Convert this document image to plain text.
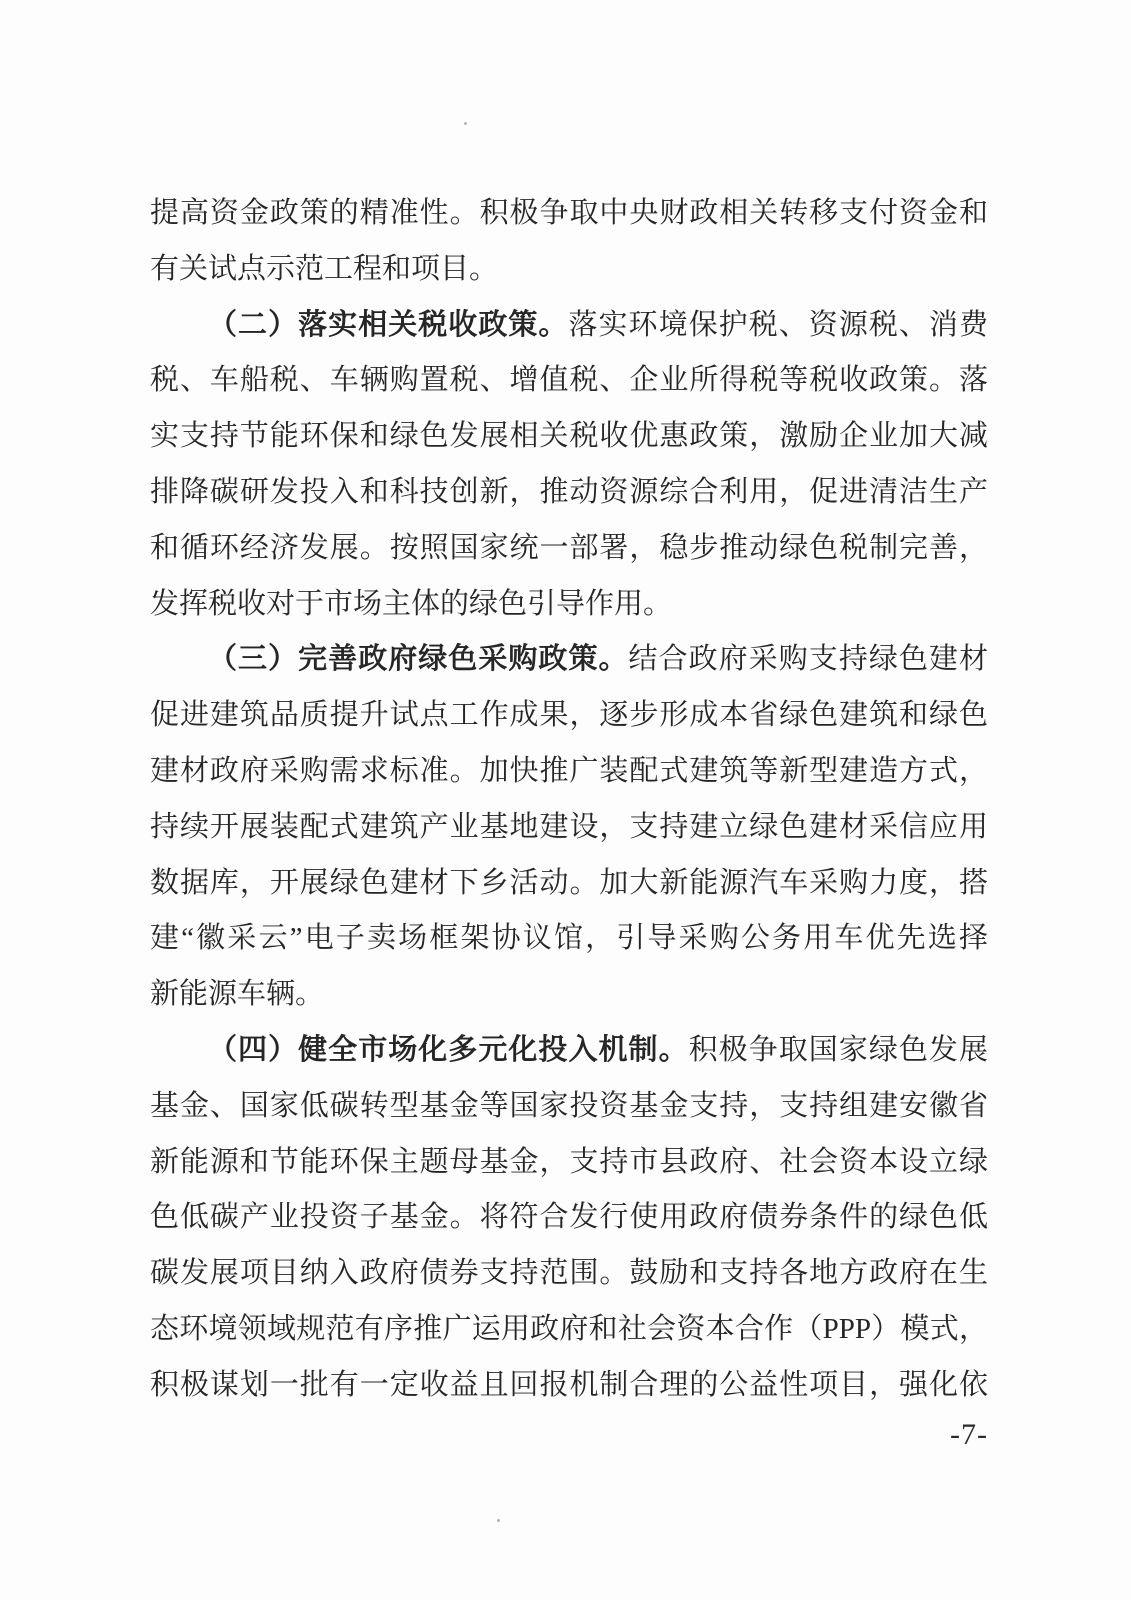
提高资金政策的精准性。积极争取中央财政相关转移支付资金和
有关试点示范工程和项目。
（二）落实相关税收政策。落实环境保护税、资源税、消费
税、车船税、车辆购置税、增值税、企业所得税等税收政策。落
实支持节能环保和绿色发展相关税收优惠政策，激励企业加大减
排降碳研发投入和科技创新，推动资源综合利用，促进清洁生产
和循环经济发展。按照国家统一部署，稳步推动绿色税制完善，
发挥税收对于市场主体的绿色引导作用。
（三）完善政府绿色采购政策。结合政府采购支持绿色建材
促进建筑品质提升试点工作成果，逐步形成本省绿色建筑和绿色
建材政府采购需求标准。加快推广装配式建筑等新型建造方式，
持续开展装配式建筑产业基地建设，支持建立绿色建材采信应用
数据库，开展绿色建材下乡活动。加大新能源汽车采购力度，搭
建“徽采云”电子卖场框架协议馆，引导采购公务用车优先选择
新能源车辆。
（四）健全市场化多元化投入机制。积极争取国家绿色发展
基金、国家低碳转型基金等国家投资基金支持，支持组建安徽省
新能源和节能环保主题母基金，支持市县政府、社会资本设立绿
色低碳产业投资子基金。将符合发行使用政府债券条件的绿色低
碳发展项目纳入政府债券支持范围。鼓励和支持各地方政府在生
态环境领域规范有序推广运用政府和社会资本合作（PPP）模式，
积极谋划一批有一定收益且回报机制合理的公益性项目，强化依
-7-
